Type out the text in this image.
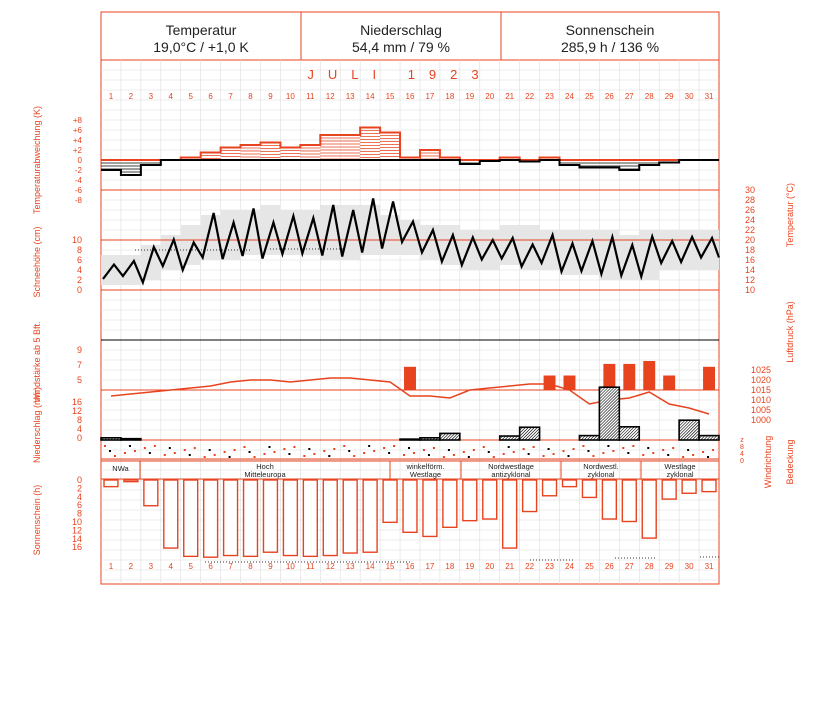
JULI 1923
1
1
2
2
3
3
4
4
5
5
6
6
7
7
8
8
9
9
10
10
11
11
12
12
13
13
14
14
15
15
16
16
17
17
18
18
19
19
20
20
21
21
22
22
23
23
24
24
25
25
26
26
27
27
28
28
29
29
30
30
31
31
+8
+6
+4
+2
0
-2
-4
-6
-8
Temperaturabweichung (K)	30
28
26
24
22
20
18
16
14
12
10
10
8
6
4
2
0
Schneehöhe (cm)
Temperatur (°C)
9
7
5
1025
1020
1015
1010
1005
1000
Windstärke ab 5 Bft.	Luftdruck (hPa)
16
12
8
4
0
Niederschlag (mm)	z
8
4
0 Windrichtung Bedeckung
NWa	Hoch
Mitteleuropa
winkelförm.
Westlage
Nordwestlage
antizyklonal
Nordwestl.
zyklonal
Westlage
zyklonal
0
2
4
6
8
10
12
14
16
Sonnenschein (h)
Temperatur
19,0°C / +1,0 K
Niederschlag
54,4 mm / 79 %
Sonnenschein
285,9 h / 136 %
